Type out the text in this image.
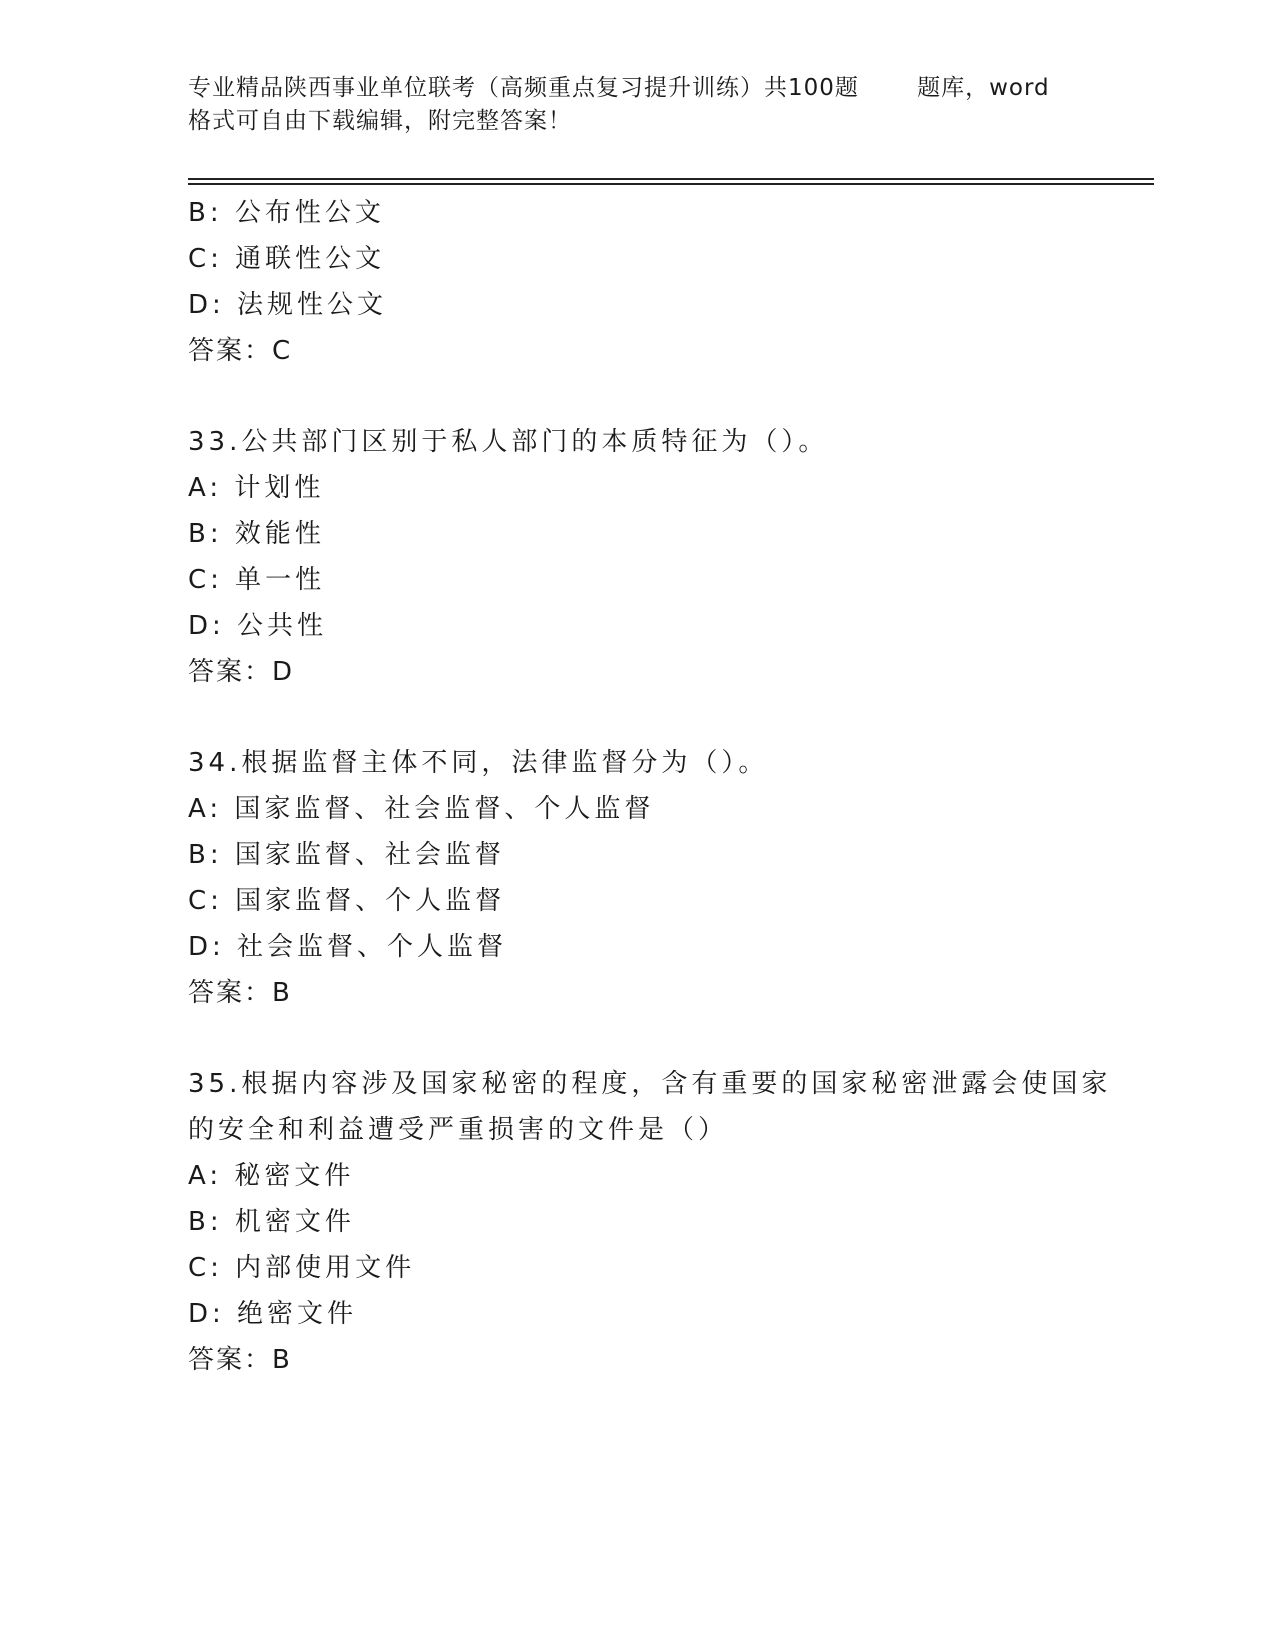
专业精品陕西事业单位联考（高频重点复习提升训练）共100题       题库，word
格式可自由下载编辑，附完整答案！
B: 公布性公文
C: 通联性公文
D: 法规性公文
答案：C
33.公共部门区别于私人部门的本质特征为（）。
A: 计划性
B: 效能性
C: 单一性
D: 公共性
答案：D
34.根据监督主体不同，法律监督分为（）。
A: 国家监督、社会监督、个人监督
B: 国家监督、社会监督
C: 国家监督、个人监督
D: 社会监督、个人监督
答案：B
35.根据内容涉及国家秘密的程度，含有重要的国家秘密泄露会使国家
的安全和利益遭受严重损害的文件是（）
A: 秘密文件
B: 机密文件
C: 内部使用文件
D: 绝密文件
答案：B
